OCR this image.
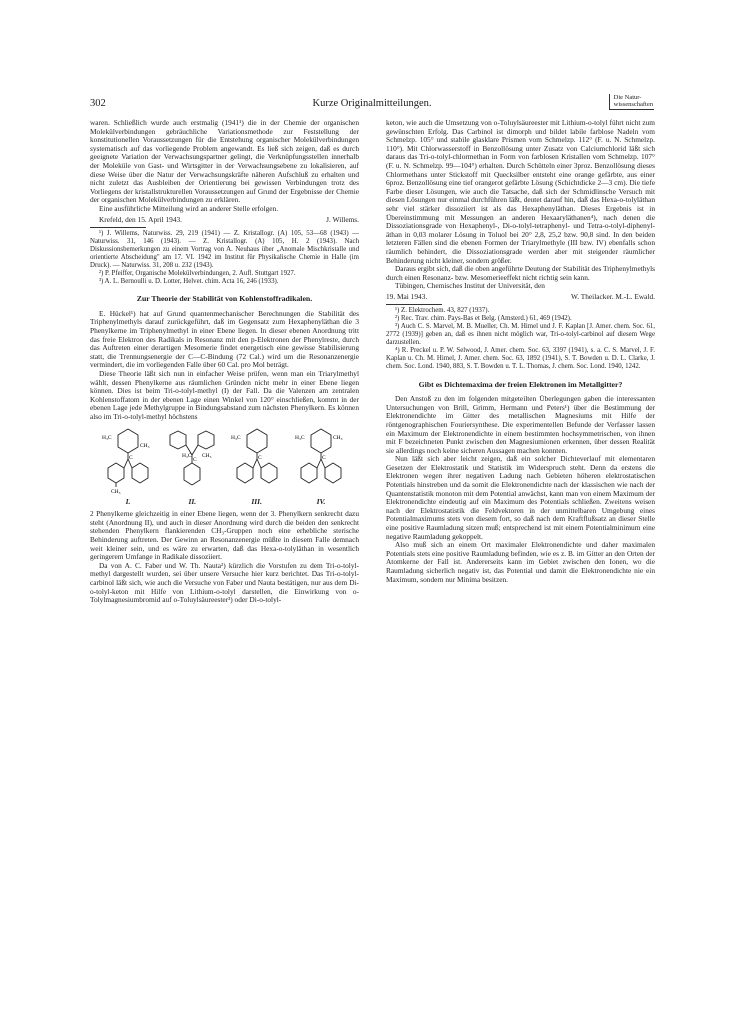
302	Kurze Originalmitteilungen.
Die Natur-
wissenschaften

waren. Schließlich wurde auch erstmalig (1941¹) die in der Chemie der organischen Molekülverbindungen gebräuchliche Variationsmethode zur Feststellung der konstitutionellen Voraussetzungen für die Entstehung organischer Molekülverbindungen systematisch auf das vorliegende Problem angewandt. Es ließ sich zeigen, daß es durch geeignete Variation der Verwachsungspartner gelingt, die Verknüpfungsstellen innerhalb der Moleküle von Gast- und Wirtsgitter in der Verwachsungsebene zu lokalisieren, auf diese Weise über die Natur der Verwachsungskräfte näheren Aufschluß zu erhalten und nicht zuletzt das Ausbleiben der Orientierung bei gewissen Verbindungen trotz des Vorliegens der kristallstrukturellen Voraussetzungen auf Grund der Ergebnisse der Chemie der organischen Molekülverbindungen zu erklären.

Eine ausführliche Mitteilung wird an anderer Stelle erfolgen.

Krefeld, den 15. April 1943.	J. Willems.

¹) J. Willems, Naturwiss. 29, 219 (1941) — Z. Kristallogr. (A) 105, 53—68 (1943) — Naturwiss. 31, 146 (1943). — Z. Kristallogr. (A) 105, H. 2 (1943). Nach Diskussionsbemerkungen zu einem Vortrag von A. Neuhaus über „Anomale Mischkristalle und orientierte Abscheidung" am 17. VI. 1942 im Institut für Physikalische Chemie in Halle (im Druck). — Naturwiss. 31, 208 u. 232 (1943).

²) P. Pfeiffer, Organische Molekülverbindungen, 2. Aufl. Stuttgart 1927.

³) A. L. Bernoulli u. D. Lotter, Helvet. chim. Acta 16, 246 (1933).

Zur Theorie der Stabilität von Kohlenstoffradikalen.

E. Hückel¹) hat auf Grund quantenmechanischer Berechnungen die Stabilität des Triphenylmethyls darauf zurückgeführt, daß im Gegensatz zum Hexaphenyläthan die 3 Phenylkerne im Triphenylmethyl in einer Ebene liegen. In dieser ebenen Anordnung tritt das freie Elektron des Radikals in Resonanz mit den p-Elektronen der Phenylreste, durch das Auftreten einer derartigen Mesomerie findet energetisch eine gewisse Stabilisierung statt, die Trennungsenergie der C—C-Bindung (72 Cal.) wird um die Resonanzenergie vermindert, die im vorliegenden Falle über 60 Cal. pro Mol beträgt.

Diese Theorie läßt sich nun in einfacher Weise prüfen, wenn man ein Triarylmethyl wählt, dessen Phenylkerne aus räumlichen Gründen nicht mehr in einer Ebene liegen können. Dies ist beim Tri-o-tolyl-methyl (I) der Fall. Da die Valenzen am zentralen Kohlenstoffatom in der ebenen Lage einen Winkel von 120° einschließen, kommt in der ebenen Lage jede Methylgruppe in Bindungsabstand zum nächsten Phenylkern. Es können also im Tri-o-tolyl-methyl höchstens

H₃C
CH₃
C
CH₃
I.
H₃C CH₃
C
II.
H₃C
C
III.
H₃C	CH₃
C
IV.

2 Phenylkerne gleichzeitig in einer Ebene liegen, wenn der 3. Phenylkern senkrecht dazu steht (Anordnung II), und auch in dieser Anordnung wird durch die beiden den senkrecht stehenden Phenylkern flankierenden CH₃-Gruppen noch eine erhebliche sterische Behinderung auftreten. Der Gewinn an Resonanzenergie müßte in diesem Falle demnach weit kleiner sein, und es wäre zu erwarten, daß das Hexa-o-tolyläthan in wesentlich geringerem Umfange in Radikale dissoziiert.

Da von A. C. Faber und W. Th. Nauta²) kürzlich die Vorstufen zu dem Tri-o-tolyl-methyl dargestellt wurden, sei über unsere Versuche hier kurz berichtet. Das Tri-o-tolyl-carbinol läßt sich, wie auch die Versuche von Faber und Nauta bestätigen, nur aus dem Di-o-tolyl-keton mit Hilfe von Lithium-o-tolyl darstellen, die Einwirkung von o-Tolylmagnesiumbromid auf o-Toluylsäureester³) oder Di-o-tolyl-

keton, wie auch die Umsetzung von o-Toluylsäureester mit Lithium-o-tolyl führt nicht zum gewünschten Erfolg. Das Carbinol ist dimorph und bildet labile farblose Nadeln vom Schmelzp. 105° und stabile glasklare Prismen vom Schmelzp. 112° (F. u. N. Schmelzp. 110°). Mit Chlorwasserstoff in Benzollösung unter Zusatz von Calciumchlorid läßt sich daraus das Tri-o-tolyl-chlormethan in Form von farblosen Kristallen vom Schmelzp. 107° (F. u. N. Schmelzp. 99—104°) erhalten. Durch Schütteln einer 3proz. Benzollösung dieses Chlormethans unter Stickstoff mit Quecksilber entsteht eine orange gefärbte, aus einer 6proz. Benzollösung eine tief orangerot gefärbte Lösung (Schichtdicke 2—3 cm). Die tiefe Farbe dieser Lösungen, wie auch die Tatsache, daß sich der Schmidlinsche Versuch mit diesen Lösungen nur einmal durchführen läßt, deutet darauf hin, daß das Hexa-o-tolyläthan sehr viel stärker dissoziiert ist als das Hexaphenyläthan. Dieses Ergebnis ist in Übereinstimmung mit Messungen an anderen Hexaaryläthanen⁴), nach denen die Dissoziationsgrade von Hexaphenyl-, Di-o-tolyl-tetraphenyl- und Tetra-o-tolyl-diphenyl-äthan in 0,03 molarer Lösung in Toluol bei 20° 2,8, 25,2 bzw. 90,8 sind. In den beiden letzteren Fällen sind die ebenen Formen der Triarylmethyle (III bzw. IV) ebenfalls schon räumlich behindert, die Dissoziationsgrade werden aber mit steigender räumlicher Behinderung nicht kleiner, sondern größer.

Daraus ergibt sich, daß die oben angeführte Deutung der Stabilität des Triphenylmethyls durch einen Resonanz- bzw. Mesomerieeffekt nicht richtig sein kann.

Tübingen, Chemisches Institut der Universität, den

19. Mai 1943.	W. Theilacker. M.-L. Ewald.

¹) Z. Elektrochem. 43, 827 (1937).

²) Rec. Trav. chim. Pays-Bas et Belg. (Amsterd.) 61, 469 (1942).

³) Auch C. S. Marvel, M. B. Mueller, Ch. M. Himel und J. F. Kaplan [J. Amer. chem. Soc. 61, 2772 (1939)] geben an, daß es ihnen nicht möglich war, Tri-o-tolyl-carbinol auf diesem Wege darzustellen.

⁴) R. Preckel u. P. W. Selwood, J. Amer. chem. Soc. 63, 3397 (1941), s. a. C. S. Marvel, J. F. Kaplan u. Ch. M. Himel, J. Amer. chem. Soc. 63, 1892 (1941), S. T. Bowden u. D. L. Clarke, J. chem. Soc. Lond. 1940, 883, S. T. Bowden u. T. L. Thomas, J. chem. Soc. Lond. 1940, 1242.

Gibt es Dichtemaxima der freien Elektronen im Metallgitter?

Den Anstoß zu den im folgenden mitgeteilten Überlegungen gaben die interessanten Untersuchungen von Brill, Grimm, Hermann und Peters¹) über die Bestimmung der Elektronendichte im Gitter des metallischen Magnesiums mit Hilfe der röntgenographischen Fouriersynthese. Die experimentellen Befunde der Verfasser lassen ein Maximum der Elektronendichte in einem bestimmten hochsymmetrischen, von ihnen mit F bezeichneten Punkt zwischen den Magnesiumionen erkennen, über dessen Realität sie allerdings noch keine sicheren Aussagen machen konnten.

Nun läßt sich aber leicht zeigen, daß ein solcher Dichteverlauf mit elementaren Gesetzen der Elektrostatik und Statistik im Widerspruch steht. Denn da erstens die Elektronen wegen ihrer negativen Ladung nach Gebieten höheren elektrostatischen Potentials hinstreben und da somit die Elektronendichte nach der klassischen wie nach der Quantenstatistik monoton mit dem Potential anwächst, kann man von einem Maximum der Elektronendichte eindeutig auf ein Maximum des Potentials schließen. Zweitens weisen nach der Elektrostatistik die Feldvektoren in der unmittelbaren Umgebung eines Potentialmaximums stets von diesem fort, so daß nach dem Kraftflußsatz an dieser Stelle eine positive Raumladung sitzen muß; entsprechend ist mit einem Potentialminimum eine negative Raumladung gekoppelt.

Also muß sich an einem Ort maximaler Elektronendichte und daher maximalen Potentials stets eine positive Raumladung befinden, wie es z. B. im Gitter an den Orten der Atomkerne der Fall ist. Andererseits kann im Gebiet zwischen den Ionen, wo die Raumladung sicherlich negativ ist, das Potential und damit die Elektronendichte nie ein Maximum, sondern nur Minima besitzen.
